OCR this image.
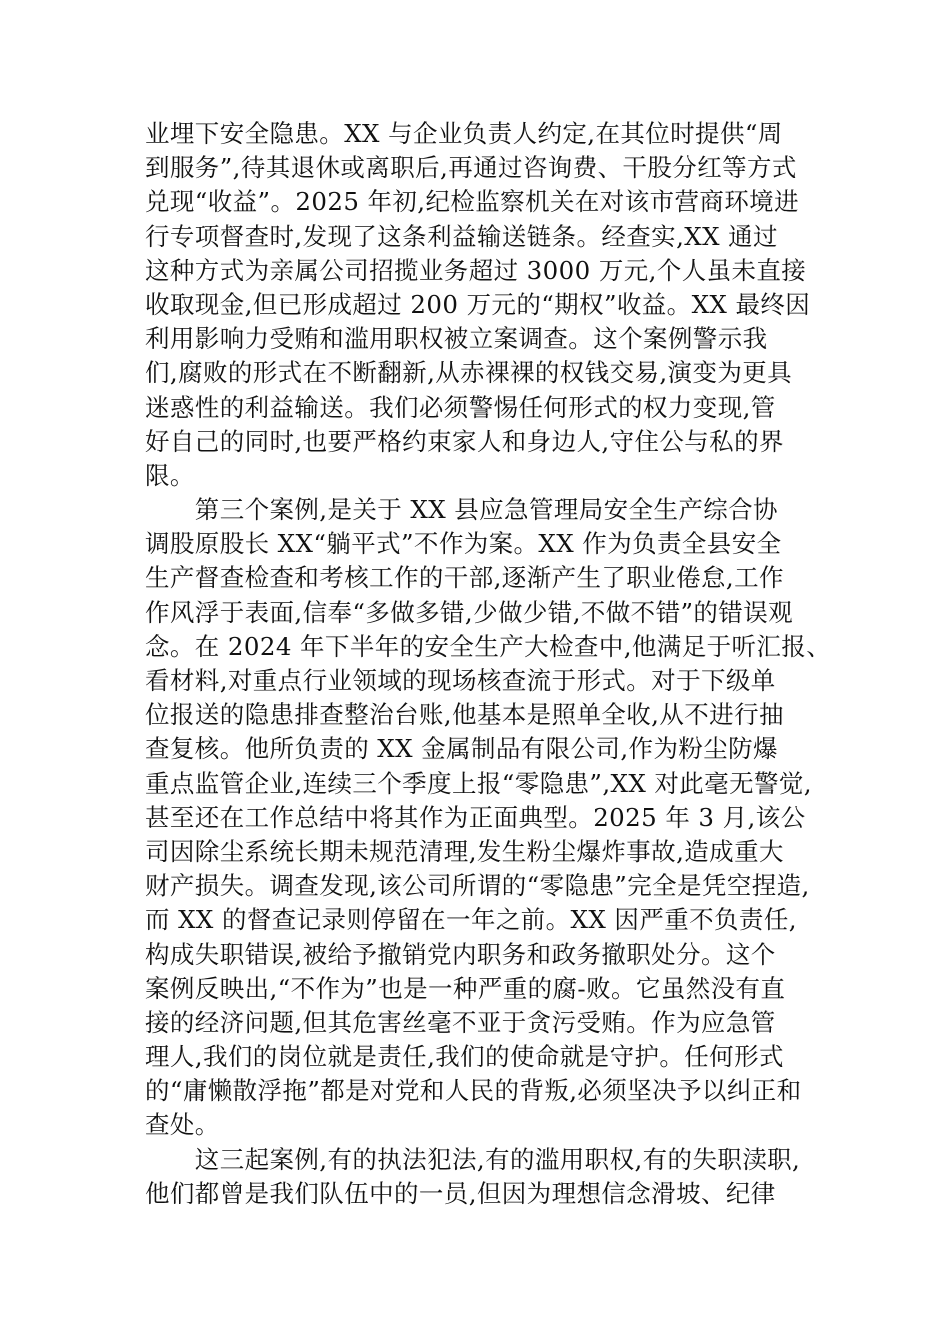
业埋下安全隐患。XX 与企业负责人约定,在其位时提供“周
到服务”,待其退休或离职后,再通过咨询费、干股分红等方式
兑现“收益”。2025 年初,纪检监察机关在对该市营商环境进
行专项督查时,发现了这条利益输送链条。经查实,XX 通过
这种方式为亲属公司招揽业务超过 3000 万元,个人虽未直接
收取现金,但已形成超过 200 万元的“期权”收益。XX 最终因
利用影响力受贿和滥用职权被立案调查。这个案例警示我
们,腐败的形式在不断翻新,从赤裸裸的权钱交易,演变为更具
迷惑性的利益输送。我们必须警惕任何形式的权力变现,管
好自己的同时,也要严格约束家人和身边人,守住公与私的界
限。
　　第三个案例,是关于 XX 县应急管理局安全生产综合协
调股原股长 XX“躺平式”不作为案。XX 作为负责全县安全
生产督查检查和考核工作的干部,逐渐产生了职业倦怠,工作
作风浮于表面,信奉“多做多错,少做少错,不做不错”的错误观
念。在 2024 年下半年的安全生产大检查中,他满足于听汇报、
看材料,对重点行业领域的现场核查流于形式。对于下级单
位报送的隐患排查整治台账,他基本是照单全收,从不进行抽
查复核。他所负责的 XX 金属制品有限公司,作为粉尘防爆
重点监管企业,连续三个季度上报“零隐患”,XX 对此毫无警觉,
甚至还在工作总结中将其作为正面典型。2025 年 3 月,该公
司因除尘系统长期未规范清理,发生粉尘爆炸事故,造成重大
财产损失。调查发现,该公司所谓的“零隐患”完全是凭空捏造,
而 XX 的督查记录则停留在一年之前。XX 因严重不负责任,
构成失职错误,被给予撤销党内职务和政务撤职处分。这个
案例反映出,“不作为”也是一种严重的腐-败。它虽然没有直
接的经济问题,但其危害丝毫不亚于贪污受贿。作为应急管
理人,我们的岗位就是责任,我们的使命就是守护。任何形式
的“庸懒散浮拖”都是对党和人民的背叛,必须坚决予以纠正和
查处。
　　这三起案例,有的执法犯法,有的滥用职权,有的失职渎职,
他们都曾是我们队伍中的一员,但因为理想信念滑坡、纪律
